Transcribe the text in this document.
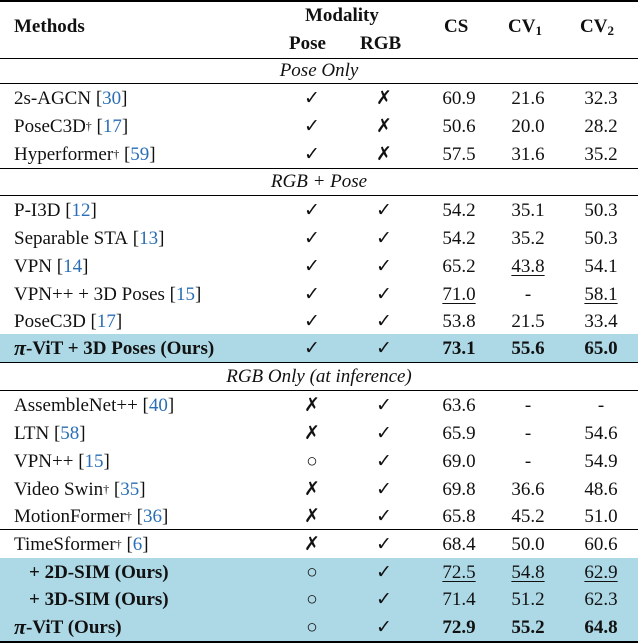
π -ViT (Ours)	○	✓	72.9 55.2 64.8
+ 3D-SIM (Ours)	○	✓	71.4 51.2 62.3
+ 2D-SIM (Ours)	○	✓	72.5 54.8 62.9
TimeSformer † [ 6 ]	✗	✓	68.4 50.0 60.6
MotionFormer † [ 36 ]	✗	✓	65.8 45.2 51.0
Video Swin † [ 35 ]	✗	✓	69.8 36.6 48.6
VPN++ [ 15 ]	○	✓	69.0	-	54.9
LTN [ 58 ]	✗	✓	65.9	-	54.6
AssembleNet++ [ 40 ]	✗	✓	63.6	-	-
π -ViT + 3D Poses (Ours)	✓	✓	73.1 55.6 65.0
PoseC3D [ 17 ]	✓	✓	53.8 21.5 33.4
VPN++ + 3D Poses [ 15 ]	✓	✓	71.0	-	58.1
VPN [ 14 ]	✓	✓	65.2 43.8 54.1
Separable STA [ 13 ]	✓	✓	54.2 35.2 50.3
P-I3D [ 12 ]	✓	✓	54.2 35.1 50.3
Hyperformer † [ 59 ]	✓	✗	57.5 31.6 35.2
PoseC3D † [ 17 ]	✓	✗	50.6 20.0 28.2
2s-AGCN [ 30 ]	✓	✗	60.9 21.6 32.3
Methods
Modality
Pose RGB
CS $CV_1$ $CV_2$
Pose Only
RGB + Pose
RGB Only (at inference)
